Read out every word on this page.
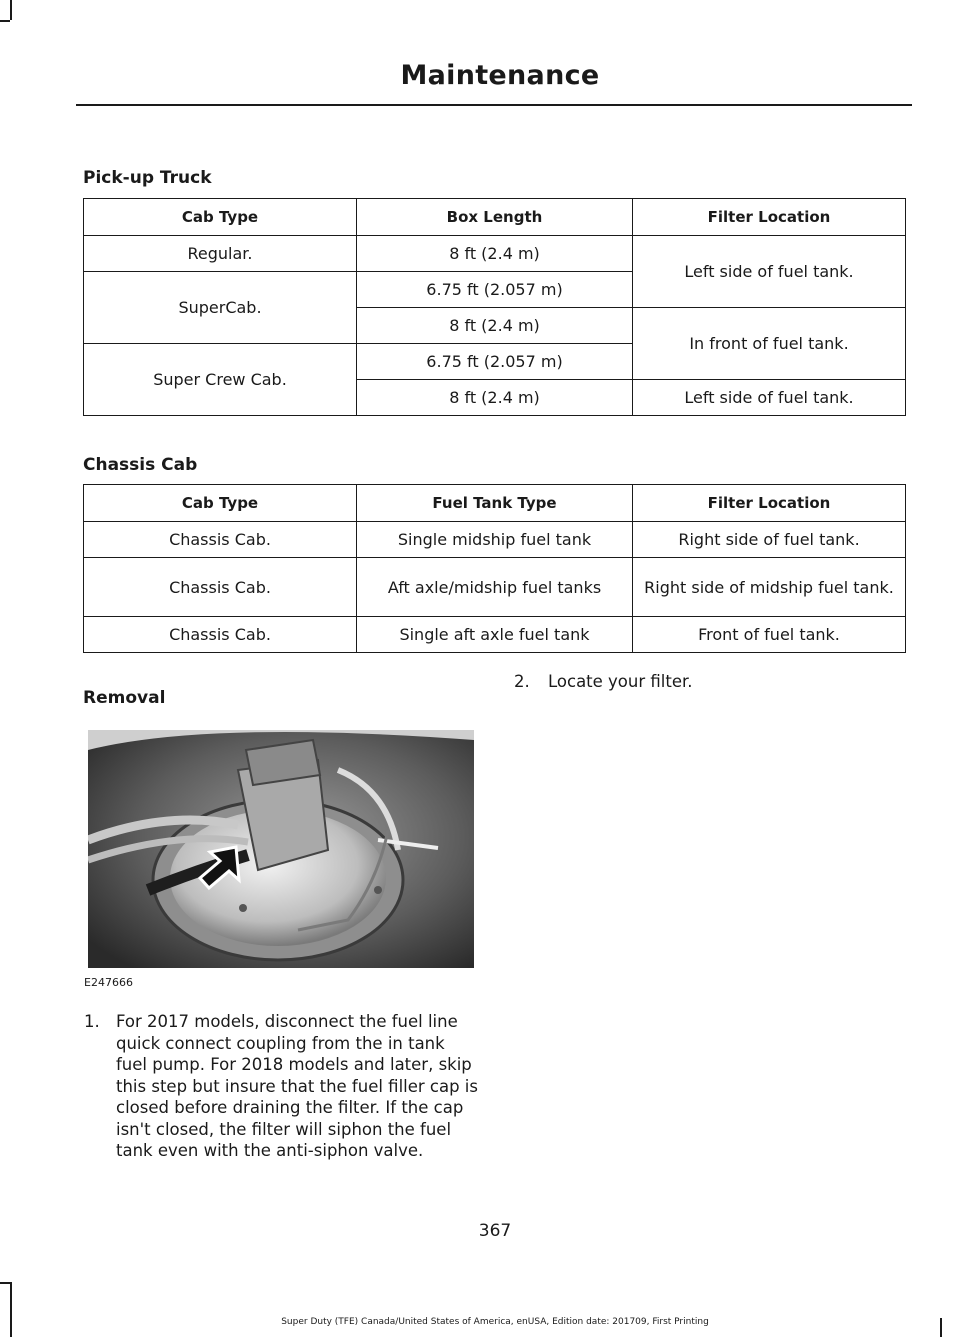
Maintenance
Pick-up Truck
Cab Type	Box Length	Filter Location
Regular.	8 ft (2.4 m)	Left side of fuel tank.
SuperCab.	6.75 ft (2.057 m)	
	8 ft (2.4 m)	In front of fuel tank.
Super Crew Cab.	6.75 ft (2.057 m)	
	8 ft (2.4 m)	Left side of fuel tank.
Chassis Cab
Cab Type	Fuel Tank Type	Filter Location
Chassis Cab.	Single midship fuel tank	Right side of fuel tank.
Chassis Cab.	Aft axle/midship fuel tanks	Right side of midship fuel tank.
Chassis Cab.	Single aft axle fuel tank	Front of fuel tank.
Removal
E247666
1. For 2017 models, disconnect the fuel line quick connect coupling from the in tank fuel pump. For 2018 models and later, skip this step but insure that the fuel filler cap is closed before draining the filter. If the cap isn't closed, the filter will siphon the fuel tank even with the anti-siphon valve.
2. Locate your filter.
367
Super Duty (TFE) Canada/United States of America, enUSA, Edition date: 201709, First Printing
